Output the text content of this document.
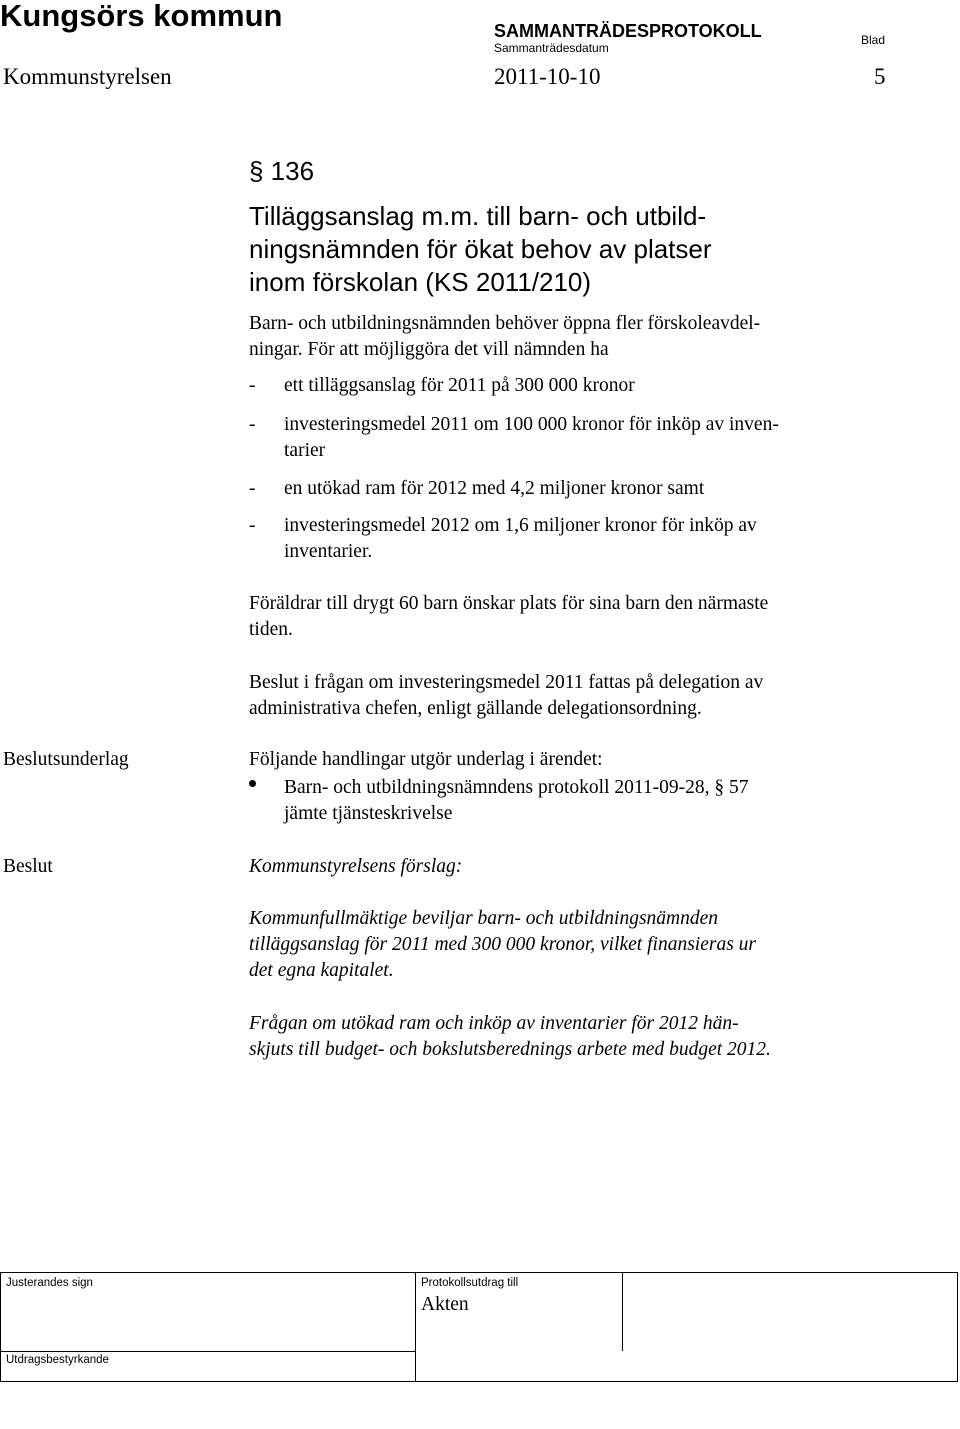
Kungsörs kommun	SAMMANTRÄDESPROTOKOLL
Sammanträdesdatum
Blad
Kommunstyrelsen	2011-10-10	5
§ 136
Tilläggsanslag m.m. till barn- och utbild-
ningsnämnden för ökat behov av platser
inom förskolan (KS 2011/210)
Barn- och utbildningsnämnden behöver öppna fler förskoleavdel-
ningar. För att möjliggöra det vill nämnden ha
- ett tilläggsanslag för 2011 på 300 000 kronor
- investeringsmedel 2011 om 100 000 kronor för inköp av inven-
tarier
- en utökad ram för 2012 med 4,2 miljoner kronor samt
- investeringsmedel 2012 om 1,6 miljoner kronor för inköp av
inventarier.
Föräldrar till drygt 60 barn önskar plats för sina barn den närmaste
tiden.
Beslut i frågan om investeringsmedel 2011 fattas på delegation av
administrativa chefen, enligt gällande delegationsordning.
Beslutsunderlag	Följande handlingar utgör underlag i ärendet:
Barn- och utbildningsnämndens protokoll 2011-09-28, § 57
jämte tjänsteskrivelse
Beslut	Kommunstyrelsens förslag:
Kommunfullmäktige beviljar barn- och utbildningsnämnden
tilläggsanslag för 2011 med 300 000 kronor, vilket finansieras ur
det egna kapitalet.
Frågan om utökad ram och inköp av inventarier för 2012 hän-
skjuts till budget- och bokslutsberednings arbete med budget 2012.
Justerandes sign	Protokollsutdrag till
Akten
Utdragsbestyrkande
